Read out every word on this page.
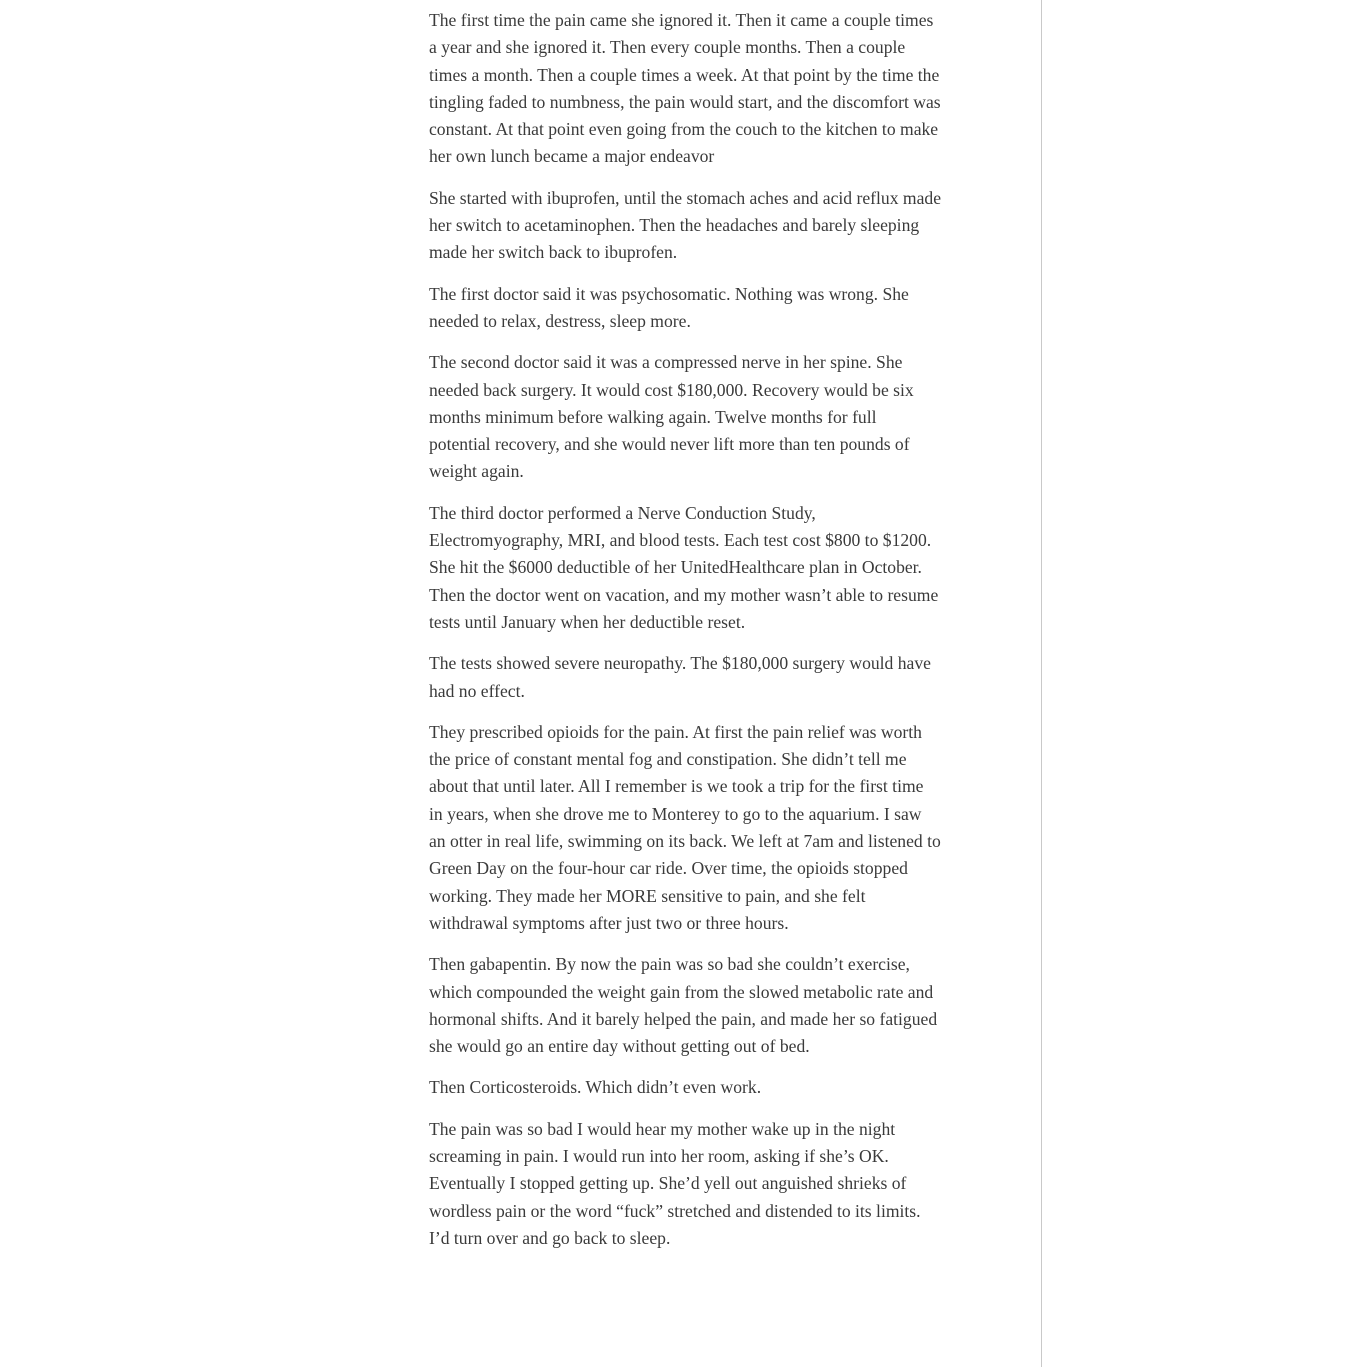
The first time the pain came she ignored it. Then it came a couple times a year and she ignored it. Then every couple months. Then a couple times a month. Then a couple times a week. At that point by the time the tingling faded to numbness, the pain would start, and the discomfort was constant. At that point even going from the couch to the kitchen to make her own lunch became a major endeavor

She started with ibuprofen, until the stomach aches and acid reflux made her switch to acetaminophen. Then the headaches and barely sleeping made her switch back to ibuprofen.

The first doctor said it was psychosomatic. Nothing was wrong. She needed to relax, destress, sleep more.

The second doctor said it was a compressed nerve in her spine. She needed back surgery. It would cost $180,000. Recovery would be six months minimum before walking again. Twelve months for full potential recovery, and she would never lift more than ten pounds of weight again.

The third doctor performed a Nerve Conduction Study, Electromyography, MRI, and blood tests. Each test cost $800 to $1200. She hit the $6000 deductible of her UnitedHealthcare plan in October. Then the doctor went on vacation, and my mother wasn’t able to resume tests until January when her deductible reset.

The tests showed severe neuropathy. The $180,000 surgery would have had no effect.

They prescribed opioids for the pain. At first the pain relief was worth the price of constant mental fog and constipation. She didn’t tell me about that until later. All I remember is we took a trip for the first time in years, when she drove me to Monterey to go to the aquarium. I saw an otter in real life, swimming on its back. We left at 7am and listened to Green Day on the four-hour car ride. Over time, the opioids stopped working. They made her MORE sensitive to pain, and she felt withdrawal symptoms after just two or three hours.

Then gabapentin. By now the pain was so bad she couldn’t exercise, which compounded the weight gain from the slowed metabolic rate and hormonal shifts. And it barely helped the pain, and made her so fatigued she would go an entire day without getting out of bed.

Then Corticosteroids. Which didn’t even work.

The pain was so bad I would hear my mother wake up in the night screaming in pain. I would run into her room, asking if she’s OK. Eventually I stopped getting up. She’d yell out anguished shrieks of wordless pain or the word “fuck” stretched and distended to its limits. I’d turn over and go back to sleep.
